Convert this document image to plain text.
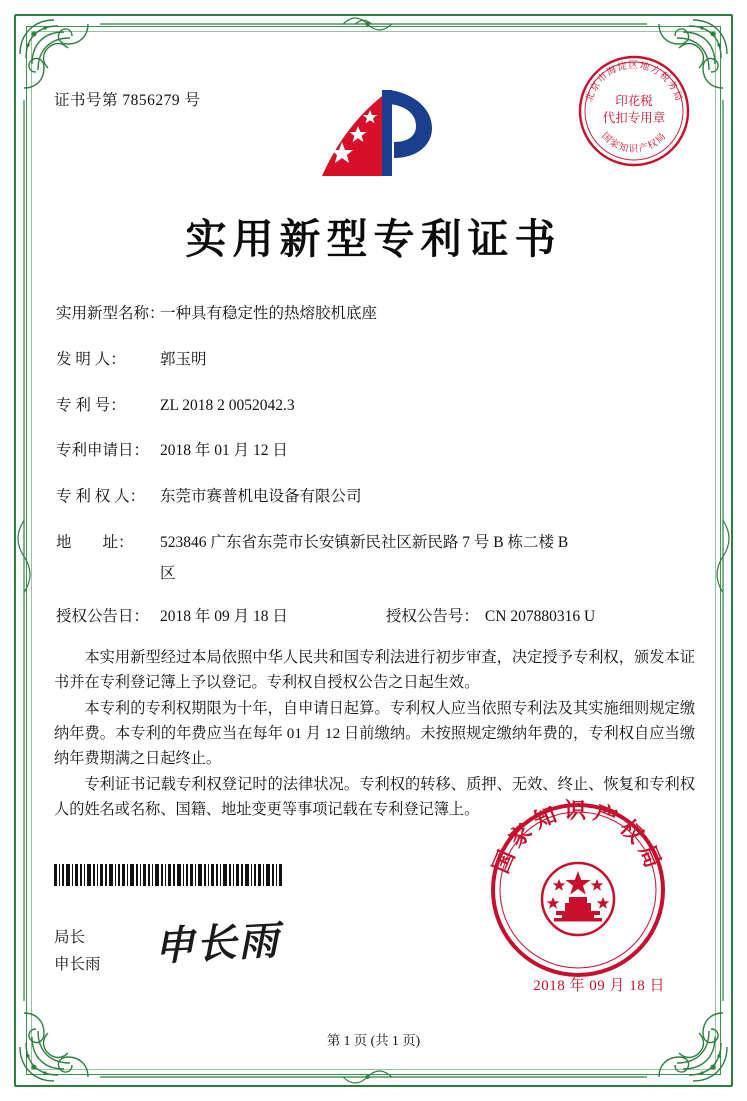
证书号第 7856279 号	北京市海淀区地方税务局
国家知识产权局
印花税
代扣专用章
实用新型专利证书
实用新型名称：
一种具有稳定性的热熔胶机底座
发 明 人：	郭玉明
专 利 号：	ZL 2018 2 0052042.3
专利申请日： 2018 年 01 月 12 日
专 利 权 人： 东莞市赛普机电设备有限公司
地        址：	523846 广东省东莞市长安镇新民社区新民路 7 号 B 栋二楼 B
区
授权公告日： 2018 年 09 月 18 日	授权公告号： CN 207880316 U

本实用新型经过本局依照中华人民共和国专利法进行初步审查，决定授予专利权，颁发本证书并在专利登记簿上予以登记。专利权自授权公告之日起生效。

本专利的专利权期限为十年，自申请日起算。专利权人应当依照专利法及其实施细则规定缴纳年费。本专利的年费应当在每年 01 月 12 日前缴纳。未按照规定缴纳年费的，专利权自应当缴纳年费期满之日起终止。

专利证书记载专利权登记时的法律状况。专利权的转移、质押、无效、终止、恢复和专利权人的姓名或名称、国籍、地址变更等事项记载在专利登记簿上。

局长
申长雨 申长雨
国家知识产权局
2018 年 09 月 18 日
第 1 页 (共 1 页)
